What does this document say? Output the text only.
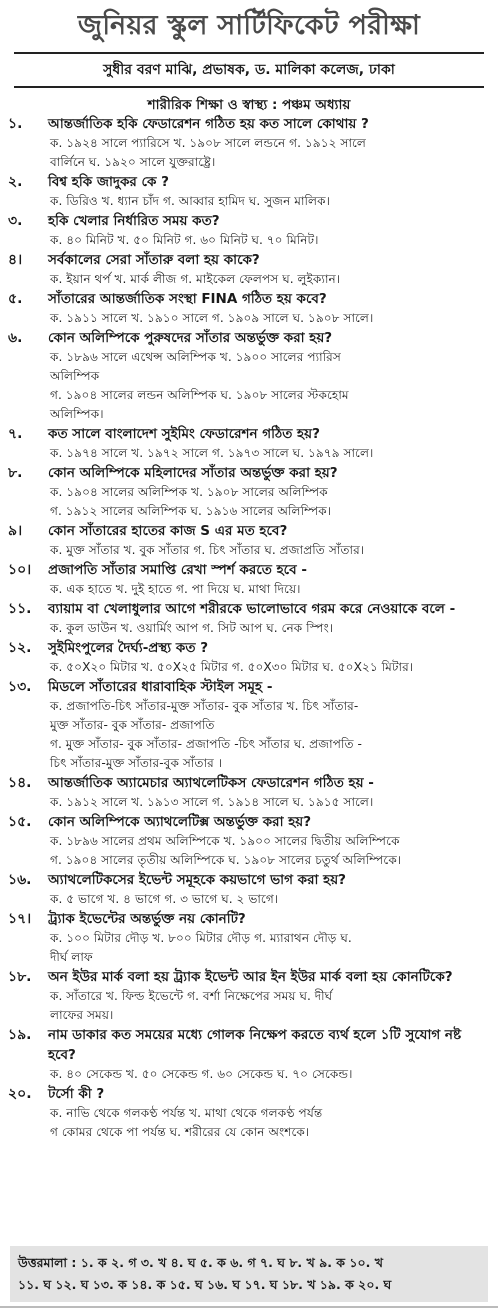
জুনিয়র স্কুল সার্টিফিকেট পরীক্ষা
সুধীর বরণ মাঝি, প্রভাষক, ড. মালিকা কলেজ, ঢাকা
শারীরিক শিক্ষা ও স্বাস্থ্য : পঞ্চম অধ্যায়
১.	আন্তর্জাতিক হকি ফেডারেশন গঠিত হয় কত সালে কোথায় ?
ক. ১৯২৪ সালে প্যারিসে খ. ১৯০৮ সালে লন্ডনে গ. ১৯১২ সালে
বার্লিনে ঘ. ১৯২০ সালে যুক্তরাষ্ট্রে।
২.	বিশ্ব হকি জাদুকর কে ?
ক. ডিরিও খ. ধ্যান চাঁদ গ. আব্বার হামিদ ঘ. সুজন মালিক।
৩.	হকি খেলার নির্ধারিত সময় কত?
ক. ৪০ মিনিট খ. ৫০ মিনিট গ. ৬০ মিনিট ঘ. ৭০ মিনিট।
৪।	সর্বকালের সেরা সাঁতারু বলা হয় কাকে?
ক. ইয়ান থর্প খ. মার্ক লীজ গ. মাইকেল ফেলপস ঘ. লুইক্যান।
৫.	সাঁতারের আন্তর্জাতিক সংস্থা FINA গঠিত হয় কবে?
ক. ১৯১১ সালে খ. ১৯১০ সালে গ. ১৯০৯ সালে ঘ. ১৯০৮ সালে।
৬.	কোন অলিম্পিকে পুরুষদের সাঁতার অন্তর্ভুক্ত করা হয়?
ক. ১৮৯৬ সালে এথেন্স অলিম্পিক খ. ১৯০০ সালের প্যারিস
অলিম্পিক
গ. ১৯০৪ সালের লন্ডন অলিম্পিক ঘ. ১৯০৮ সালের স্টকহোম
অলিম্পিক।
৭.	কত সালে বাংলাদেশ সুইমিং ফেডারেশন গঠিত হয়?
ক. ১৯৭৪ সালে খ. ১৯৭২ সালে গ. ১৯৭৩ সালে ঘ. ১৯৭৯ সালে।
৮.	কোন অলিম্পিকে মহিলাদের সাঁতার অন্তর্ভুক্ত করা হয়?
ক. ১৯০৪ সালের অলিম্পিক খ. ১৯০৮ সালের অলিম্পিক
গ. ১৯১২ সালের অলিম্পিক ঘ. ১৯১৬ সালের অলিম্পিক।
৯।	কোন সাঁতারের হাতের কাজ S এর মত হবে?
ক. মুক্ত সাঁতার খ. বুক সাঁতার গ. চিৎ সাঁতার ঘ. প্রজাপ্রতি সাঁতার।
১০।	প্রজাপতি সাঁতার সমাপ্তি রেখা স্পর্শ করতে হবে -
ক. এক হাতে খ. দুই হাতে গ. পা দিয়ে ঘ. মাথা দিয়ে।
১১.	ব্যায়াম বা খেলাধুলার আগে শরীরকে ভালোভাবে গরম করে নেওয়াকে বলে -
ক. কুল ডাউন খ. ওয়ার্মিং আপ গ. সিট আপ ঘ. নেক স্পিং।
১২.	সুইমিংপুলের দৈর্ঘ্য-প্রস্থ্য কত ?
ক. ৫০X২০ মিটার খ. ৫০X২৫ মিটার গ. ৫০X৩০ মিটার ঘ. ৫০X২১ মিটার।
১৩.	মিডলে সাঁতারের ধারাবাহিক স্টাইল সমূহ -
ক. প্রজাপতি-চিৎ সাঁতার-মুক্ত সাঁতার- বুক সাঁতার খ. চিৎ সাঁতার-
মুক্ত সাঁতার- বুক সাঁতার- প্রজাপতি
গ. মুক্ত সাঁতার- বুক সাঁতার- প্রজাপতি -চিৎ সাঁতার ঘ. প্রজাপতি -
চিৎ সাঁতার-মুক্ত সাঁতার-বুক সাঁতার ।
১৪.	আন্তর্জাতিক অ্যামেচার অ্যাথলেটিকস ফেডারেশন গঠিত হয় -
ক. ১৯১২ সালে খ. ১৯১৩ সালে গ. ১৯১৪ সালে ঘ. ১৯১৫ সালে।
১৫.	কোন অলিম্পিকে অ্যাথলেটিক্স অন্তর্ভুক্ত করা হয়?
ক. ১৮৯৬ সালের প্রথম অলিম্পিকে খ. ১৯০০ সালের দ্বিতীয় অলিম্পিকে
গ. ১৯০৪ সালের তৃতীয় অলিম্পিকে ঘ. ১৯০৮ সালের চতুর্থ অলিম্পিকে।
১৬.	অ্যাথলেটিকসের ইভেন্ট সমূহকে কয়ভাগে ভাগ করা হয়?
ক. ৫ ভাগে খ. ৪ ভাগে গ. ৩ ভাগে ঘ. ২ ভাগে।
১৭।	ট্র্যাক ইভেন্টের অন্তর্ভুক্ত নয় কোনটি?
ক. ১০০ মিটার দৌড় খ. ৮০০ মিটার দৌড় গ. ম্যারাথন দৌড় ঘ.
দীর্ঘ লাফ
১৮.	অন ইউর মার্ক বলা হয় ট্র্যাক ইভেন্ট আর ইন ইউর মার্ক বলা হয় কোনটিকে?
ক. সাঁতারে খ. ফিল্ড ইভেন্টে গ. বর্শা নিক্ষেপের সময় ঘ. দীর্ঘ
লাফের সময়।
১৯.	নাম ডাকার কত সময়ের মধ্যে গোলক নিক্ষেপ করতে ব্যর্থ হলে ১টি সুযোগ নষ্ট হবে?
ক. ৪০ সেকেন্ড খ. ৫০ সেকেন্ড গ. ৬০ সেকেন্ড ঘ. ৭০ সেকেন্ড।
২০.	টর্সো কী ?
ক. নাভি থেকে গলকণ্ঠ পর্যন্ত খ. মাথা থেকে গলকণ্ঠ পর্যন্ত
গ কোমর থেকে পা পর্যন্ত ঘ. শরীরের যে কোন অংশকে।
উত্তরমালা : ১. ক ২. গ ৩. খ ৪. ঘ ৫. ক ৬. গ ৭. ঘ ৮. খ ৯. ক ১০. খ
১১. ঘ ১২. ঘ ১৩. ক ১৪. ক ১৫. ঘ ১৬. ঘ ১৭. ঘ ১৮. খ ১৯. ক ২০. ঘ
